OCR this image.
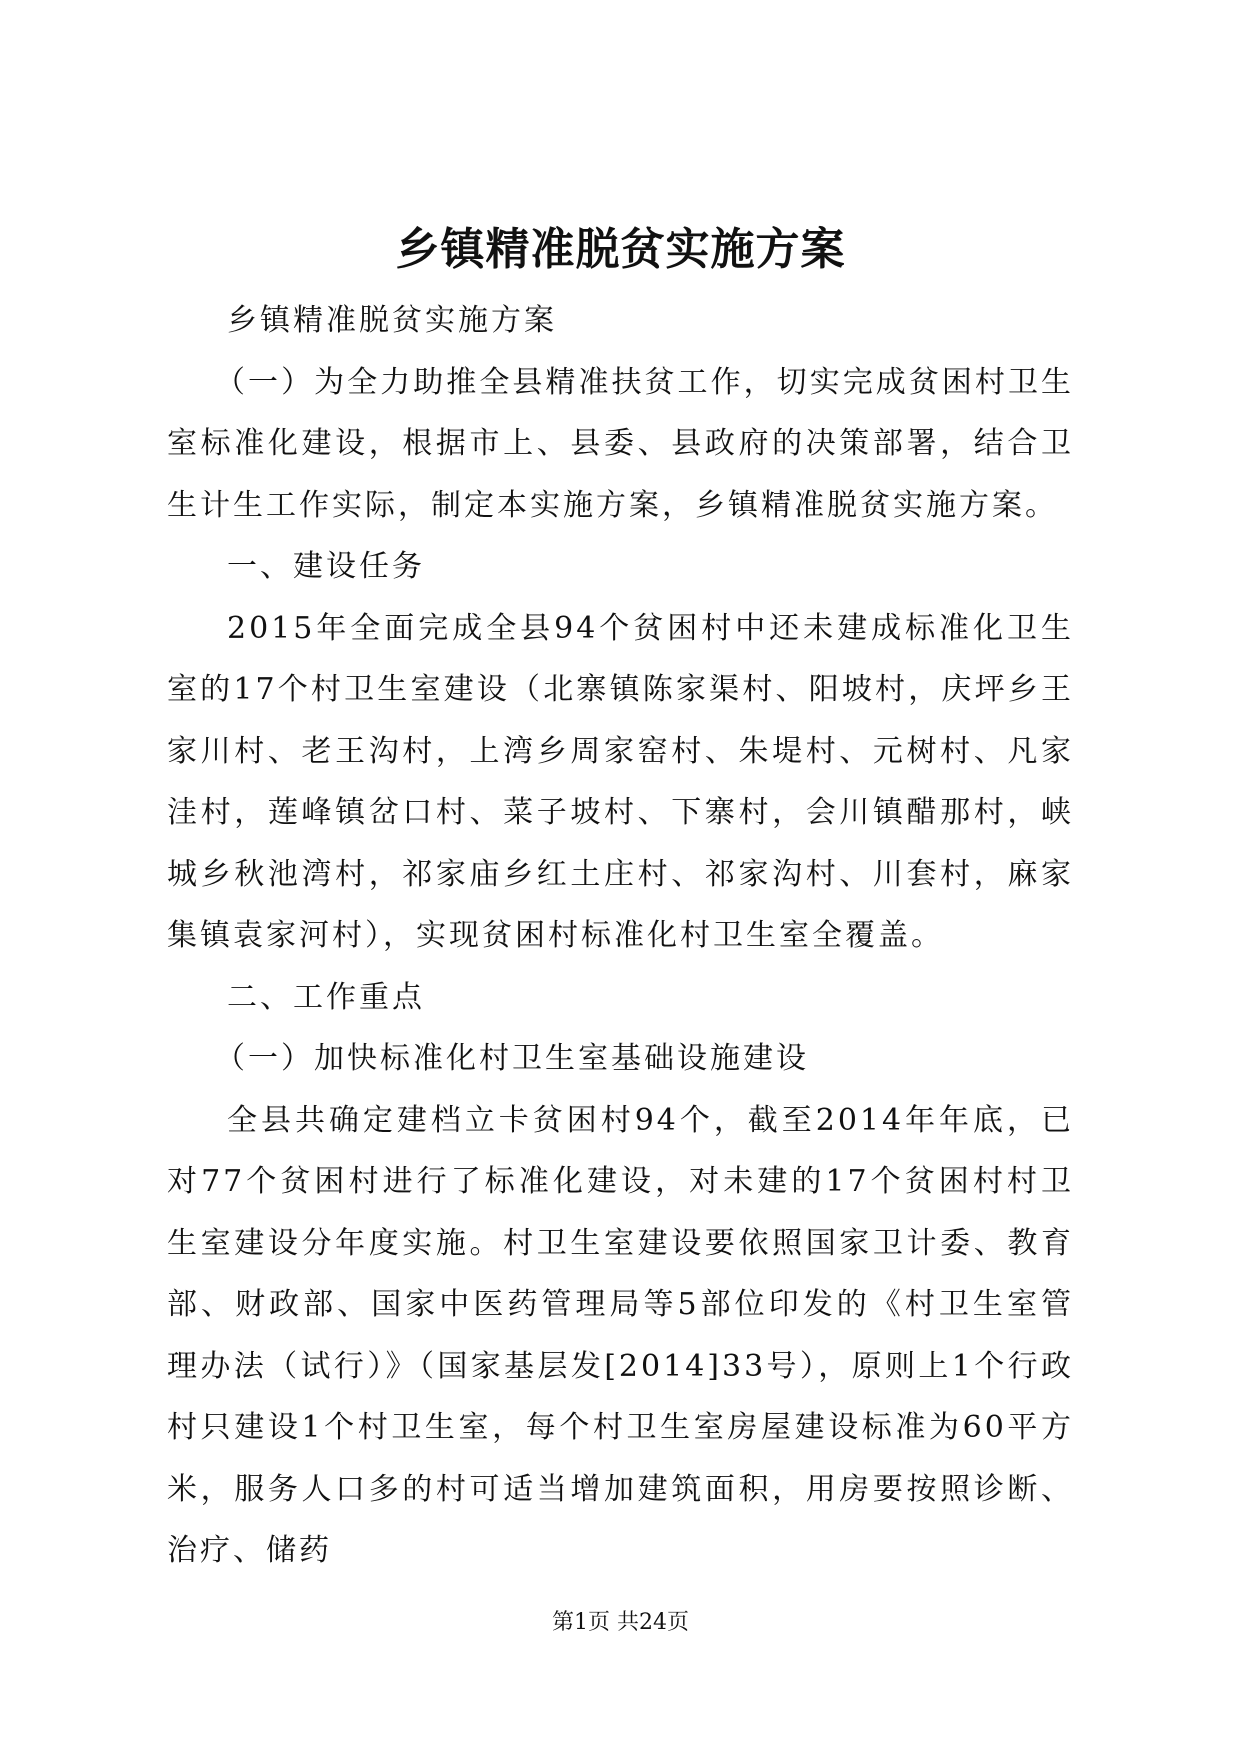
乡镇精准脱贫实施方案

乡镇精准脱贫实施方案

（一）为全力助推全县精准扶贫工作，切实完成贫困村卫生室标准化建设，根据市上、县委、县政府的决策部署，结合卫生计生工作实际，制定本实施方案，乡镇精准脱贫实施方案。

一、建设任务

2015年全面完成全县94个贫困村中还未建成标准化卫生室的17个村卫生室建设（北寨镇陈家渠村、阳坡村，庆坪乡王家川村、老王沟村，上湾乡周家窑村、朱堤村、元树村、凡家洼村，莲峰镇岔口村、菜子坡村、下寨村，会川镇醋那村，峡城乡秋池湾村，祁家庙乡红土庄村、祁家沟村、川套村，麻家集镇袁家河村），实现贫困村标准化村卫生室全覆盖。

二、工作重点

（一）加快标准化村卫生室基础设施建设

全县共确定建档立卡贫困村94个，截至2014年年底，已对77个贫困村进行了标准化建设，对未建的17个贫困村村卫生室建设分年度实施。村卫生室建设要依照国家卫计委、教育部、财政部、国家中医药管理局等5部位印发的《村卫生室管理办法（试行）》（国家基层发[2014]33号），原则上1个行政村只建设1个村卫生室，每个村卫生室房屋建设标准为60平方米，服务人口多的村可适当增加建筑面积，用房要按照诊断、治疗、储药

第1页 共24页
